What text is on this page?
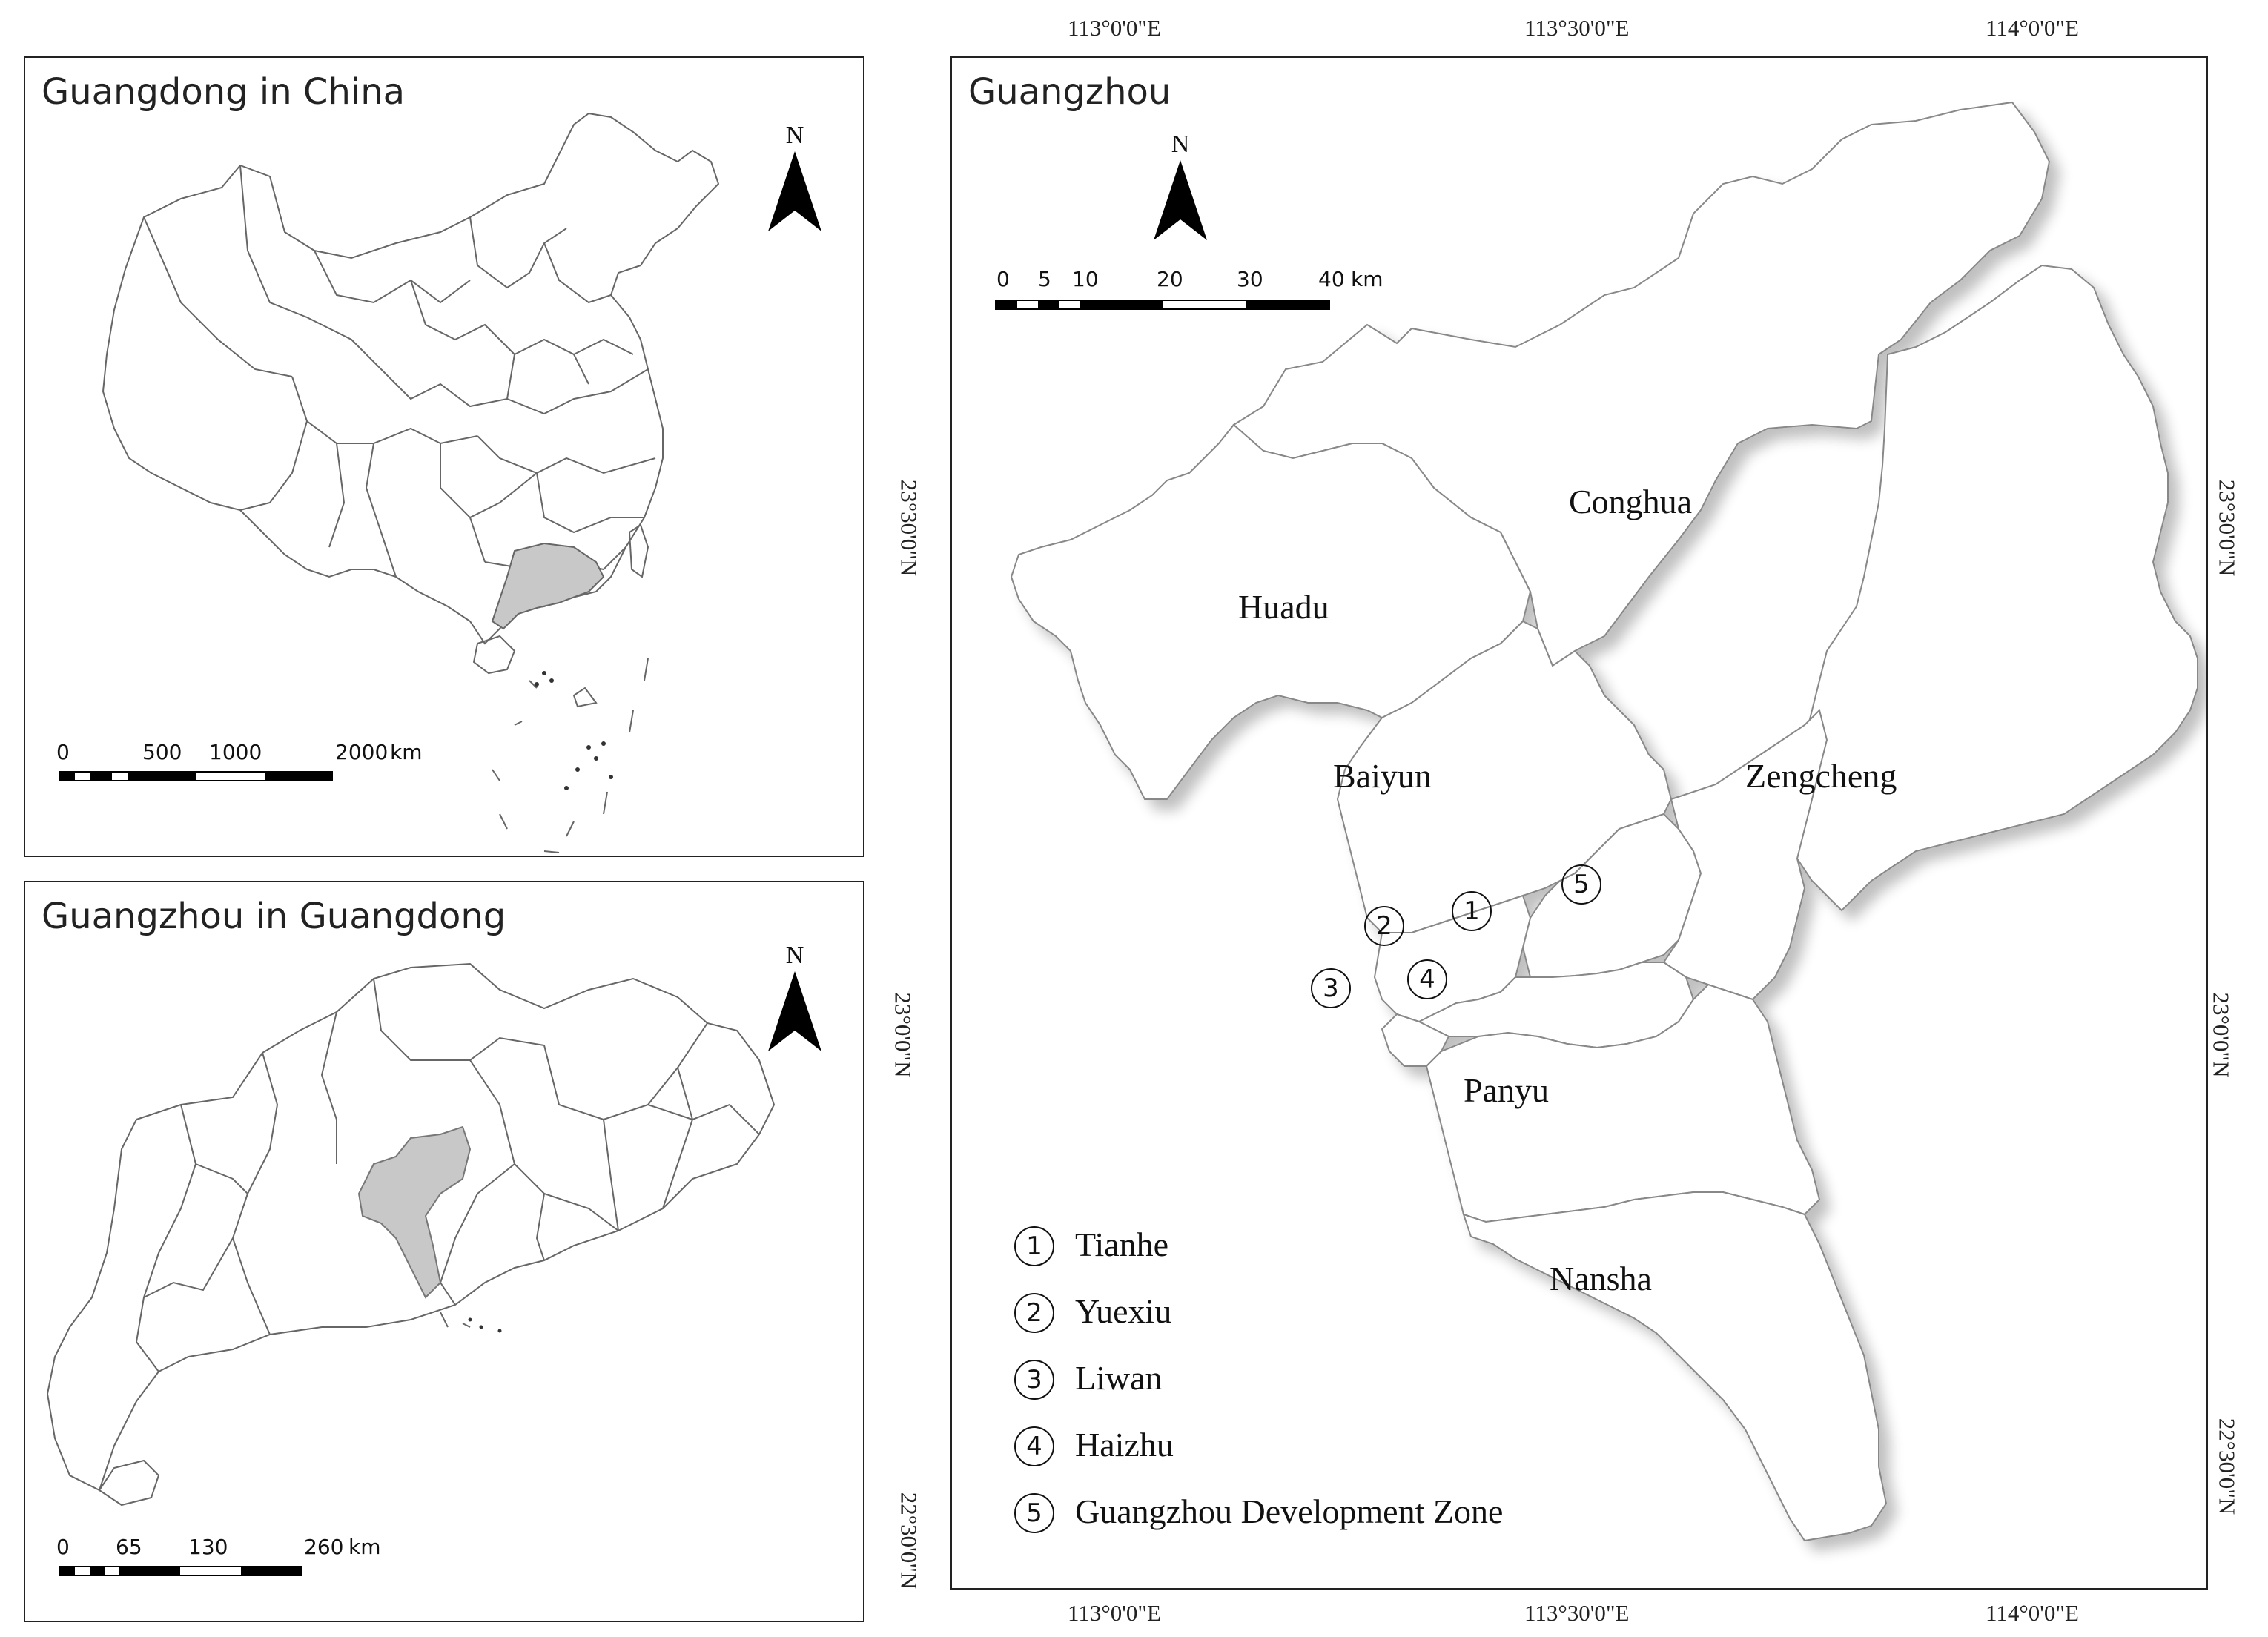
Guangdong in China
N
0	500 1000	2000 km
Guangzhou in Guangdong
N
0 65 130	260 km
Guangzhou
N
0 5 10	20	30	40 km
Conghua
Huadu
Baiyun	Zengcheng
Panyu
Nansha
1
2
3	4
5
1 Tianhe
2 Yuexiu
3 Liwan
4 Haizhu
5 Guangzhou Development Zone
113°0'0"E	113°30'0"E	114°0'0"E
113°0'0"E	113°30'0"E	114°0'0"E
23°30'0"N
23°0'0"N
22°30'0"N
23°30'0"N
23°0'0"N
22°30'0"N
